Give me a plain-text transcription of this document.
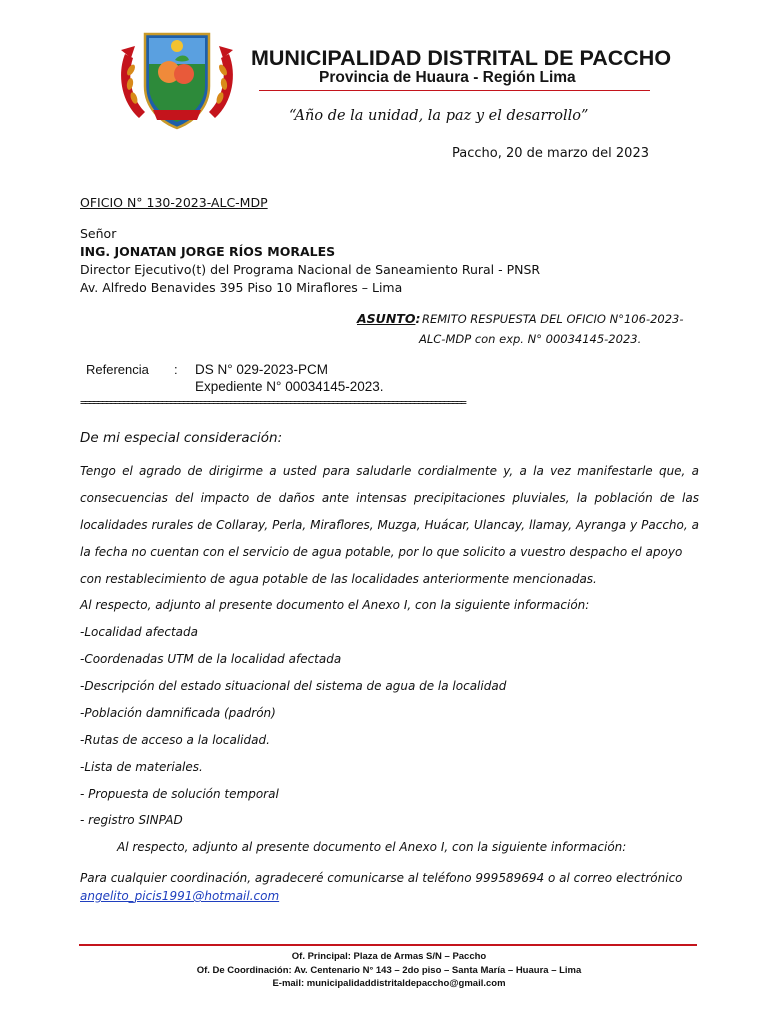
MUNICIPALIDAD DISTRITAL DE PACCHO
Provincia de Huaura - Región Lima
“Año de la unidad, la paz y el desarrollo”
Paccho, 20 de marzo del 2023
OFICIO N° 130-2023-ALC-MDP
Señor
ING. JONATAN JORGE RÍOS MORALES
Director Ejecutivo(t) del Programa Nacional de Saneamiento Rural - PNSR
Av. Alfredo Benavides 395 Piso 10 Miraflores – Lima
ASUNTO: REMITO RESPUESTA DEL OFICIO N°106-2023-
ALC-MDP con exp. N° 00034145-2023.
Referencia : DS N° 029-2023-PCM
Expediente N° 00034145-2023.
==========================================================================================
De mi especial consideración:
Tengo el agrado de dirigirme a usted para saludarle cordialmente y, a la vez manifestarle que, a consecuencias del impacto de daños ante intensas precipitaciones pluviales, la población de las localidades rurales de Collaray, Perla, Miraflores, Muzga, Huácar, Ulancay, llamay, Ayranga y Paccho, a la fecha no cuentan con el servicio de agua potable, por lo que solicito a vuestro despacho el apoyo
con restablecimiento de agua potable de las localidades anteriormente mencionadas.
Al respecto, adjunto al presente documento el Anexo I, con la siguiente información:
-Localidad afectada
-Coordenadas UTM de la localidad afectada
-Descripción del estado situacional del sistema de agua de la localidad
-Población damnificada (padrón)
-Rutas de acceso a la localidad.
-Lista de materiales.
- Propuesta de solución temporal
- registro SINPAD
Al respecto, adjunto al presente documento el Anexo I, con la siguiente información:
Para cualquier coordinación, agradeceré comunicarse al teléfono 999589694 o al correo electrónico
angelito_picis1991@hotmail.com
Of. Principal: Plaza de Armas S/N – Paccho
Of. De Coordinación: Av. Centenario N° 143 – 2do piso – Santa María – Huaura – Lima
E-mail: municipalidaddistritaldepaccho@gmail.com
